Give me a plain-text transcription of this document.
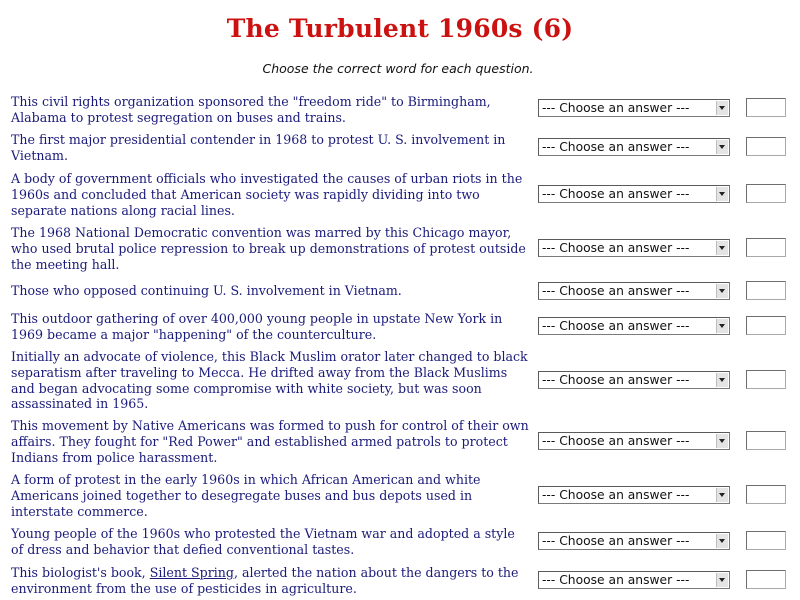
The Turbulent 1960s (6)
Choose the correct word for each question.
This civil rights organization sponsored the "freedom ride" to Birmingham, Alabama to protest segregation on buses and trains.
--- Choose an answer ---
The first major presidential contender in 1968 to protest U. S. involvement in Vietnam.
--- Choose an answer ---
A body of government officials who investigated the causes of urban riots in the 1960s and concluded that American society was rapidly dividing into two separate nations along racial lines.
--- Choose an answer ---
The 1968 National Democratic convention was marred by this Chicago mayor, who used brutal police repression to break up demonstrations of protest outside the meeting hall.
--- Choose an answer ---
Those who opposed continuing U. S. involvement in Vietnam.	--- Choose an answer ---
This outdoor gathering of over 400,000 young people in upstate New York in 1969 became a major "happening" of the counterculture.
--- Choose an answer ---
Initially an advocate of violence, this Black Muslim orator later changed to black separatism after traveling to Mecca. He drifted away from the Black Muslims and began advocating some compromise with white society, but was soon assassinated in 1965.
--- Choose an answer ---
This movement by Native Americans was formed to push for control of their own affairs. They fought for "Red Power" and established armed patrols to protect Indians from police harassment.
--- Choose an answer ---
A form of protest in the early 1960s in which African American and white Americans joined together to desegregate buses and bus depots used in interstate commerce.
--- Choose an answer ---
Young people of the 1960s who protested the Vietnam war and adopted a style of dress and behavior that defied conventional tastes.
--- Choose an answer ---
This biologist's book, Silent Spring, alerted the nation about the dangers to the environment from the use of pesticides in agriculture.
--- Choose an answer ---
